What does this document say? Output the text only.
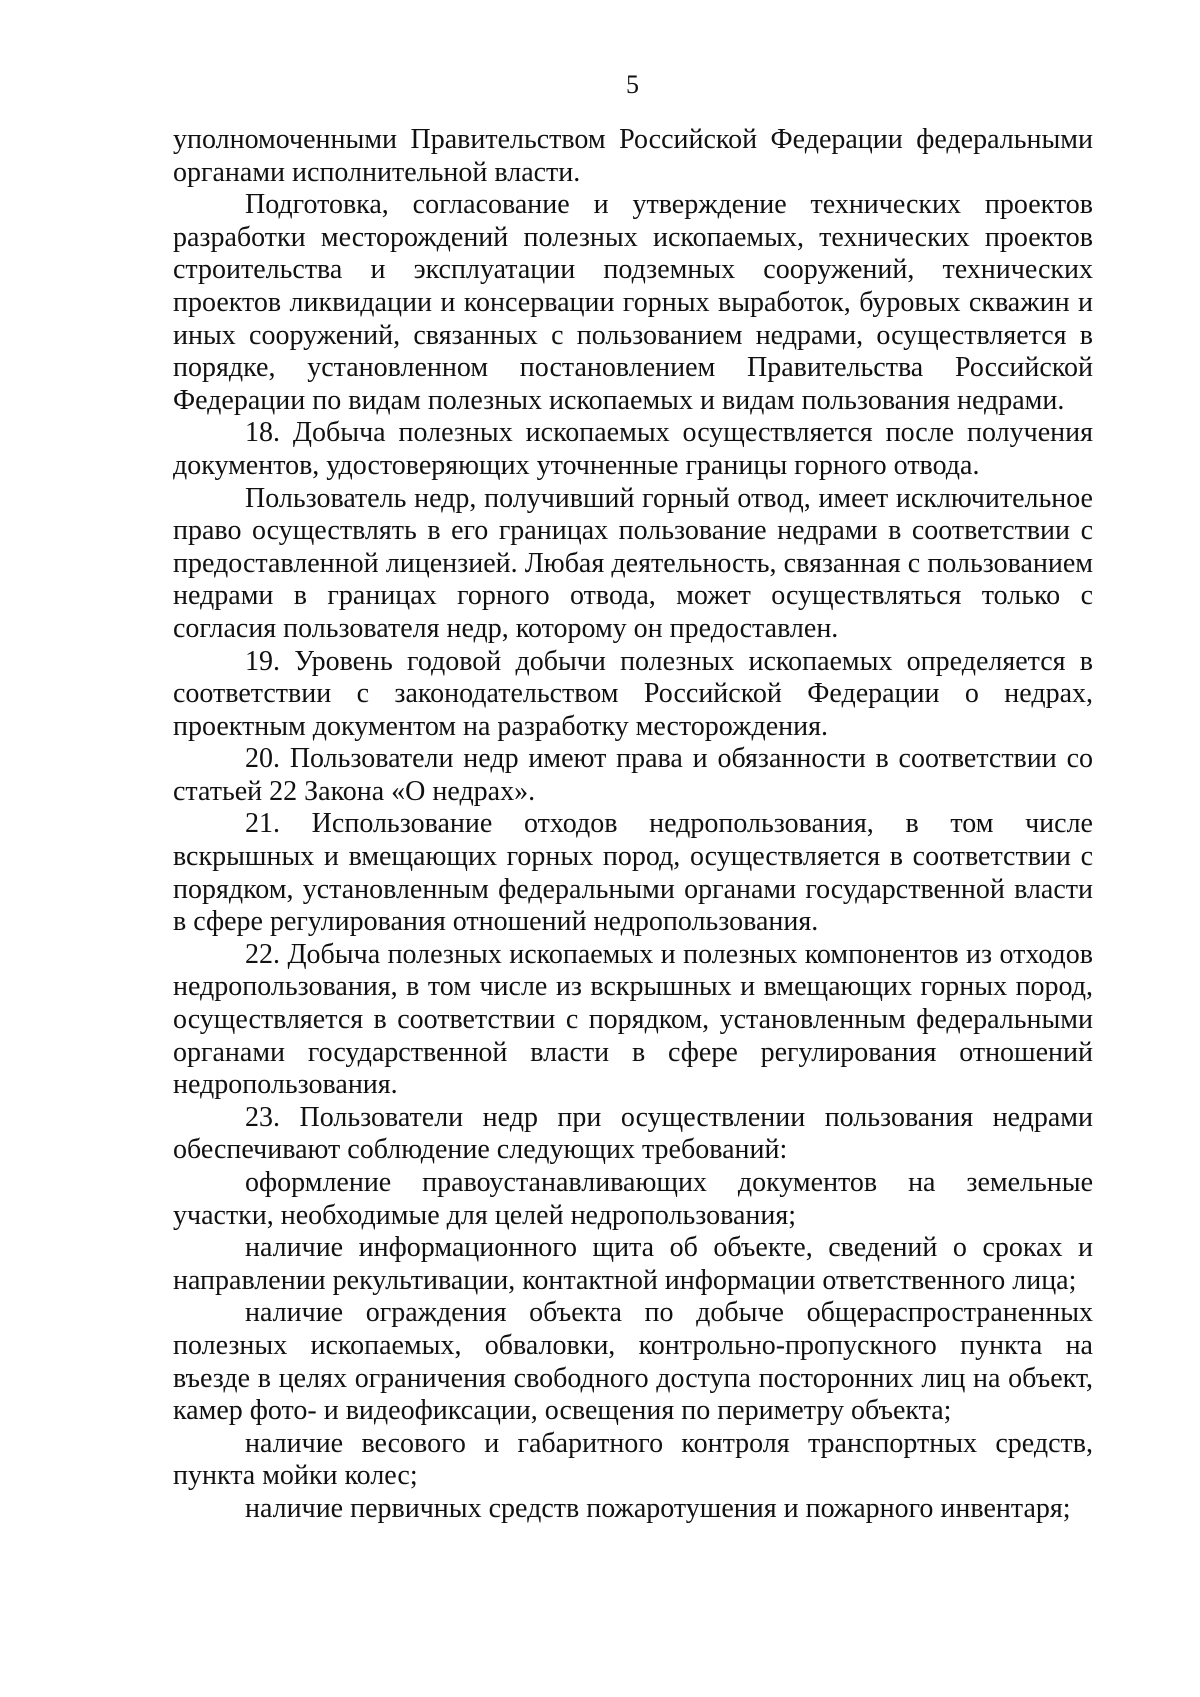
5

уполномоченными Правительством Российской Федерации федеральными органами исполнительной власти.

Подготовка, согласование и утверждение технических проектов разработки месторождений полезных ископаемых, технических проектов строительства и эксплуатации подземных сооружений, технических проектов ликвидации и консервации горных выработок, буровых скважин и иных сооружений, связанных с пользованием недрами, осуществляется в порядке, установленном постановлением Правительства Российской Федерации по видам полезных ископаемых и видам пользования недрами.

18. Добыча полезных ископаемых осуществляется после получения документов, удостоверяющих уточненные границы горного отвода.

Пользователь недр, получивший горный отвод, имеет исключительное право осуществлять в его границах пользование недрами в соответствии с предоставленной лицензией. Любая деятельность, связанная с пользованием недрами в границах горного отвода, может осуществляться только с согласия пользователя недр, которому он предоставлен.

19. Уровень годовой добычи полезных ископаемых определяется в соответствии с законодательством Российской Федерации о недрах, проектным документом на разработку месторождения.

20. Пользователи недр имеют права и обязанности в соответствии со статьей 22 Закона «О недрах».

21. Использование отходов недропользования, в том числе вскрышных и вмещающих горных пород, осуществляется в соответствии с порядком, установленным федеральными органами государственной власти в сфере регулирования отношений недропользования.

22. Добыча полезных ископаемых и полезных компонентов из отходов недропользования, в том числе из вскрышных и вмещающих горных пород, осуществляется в соответствии с порядком, установленным федеральными органами государственной власти в сфере регулирования отношений недропользования.

23. Пользователи недр при осуществлении пользования недрами обеспечивают соблюдение следующих требований:

оформление правоустанавливающих документов на земельные участки, необходимые для целей недропользования;

наличие информационного щита об объекте, сведений о сроках и направлении рекультивации, контактной информации ответственного лица;

наличие ограждения объекта по добыче общераспространенных полезных ископаемых, обваловки, контрольно-пропускного пункта на въезде в целях ограничения свободного доступа посторонних лиц на объект, камер фото- и видеофиксации, освещения по периметру объекта;

наличие весового и габаритного контроля транспортных средств, пункта мойки колес;

наличие первичных средств пожаротушения и пожарного инвентаря;
